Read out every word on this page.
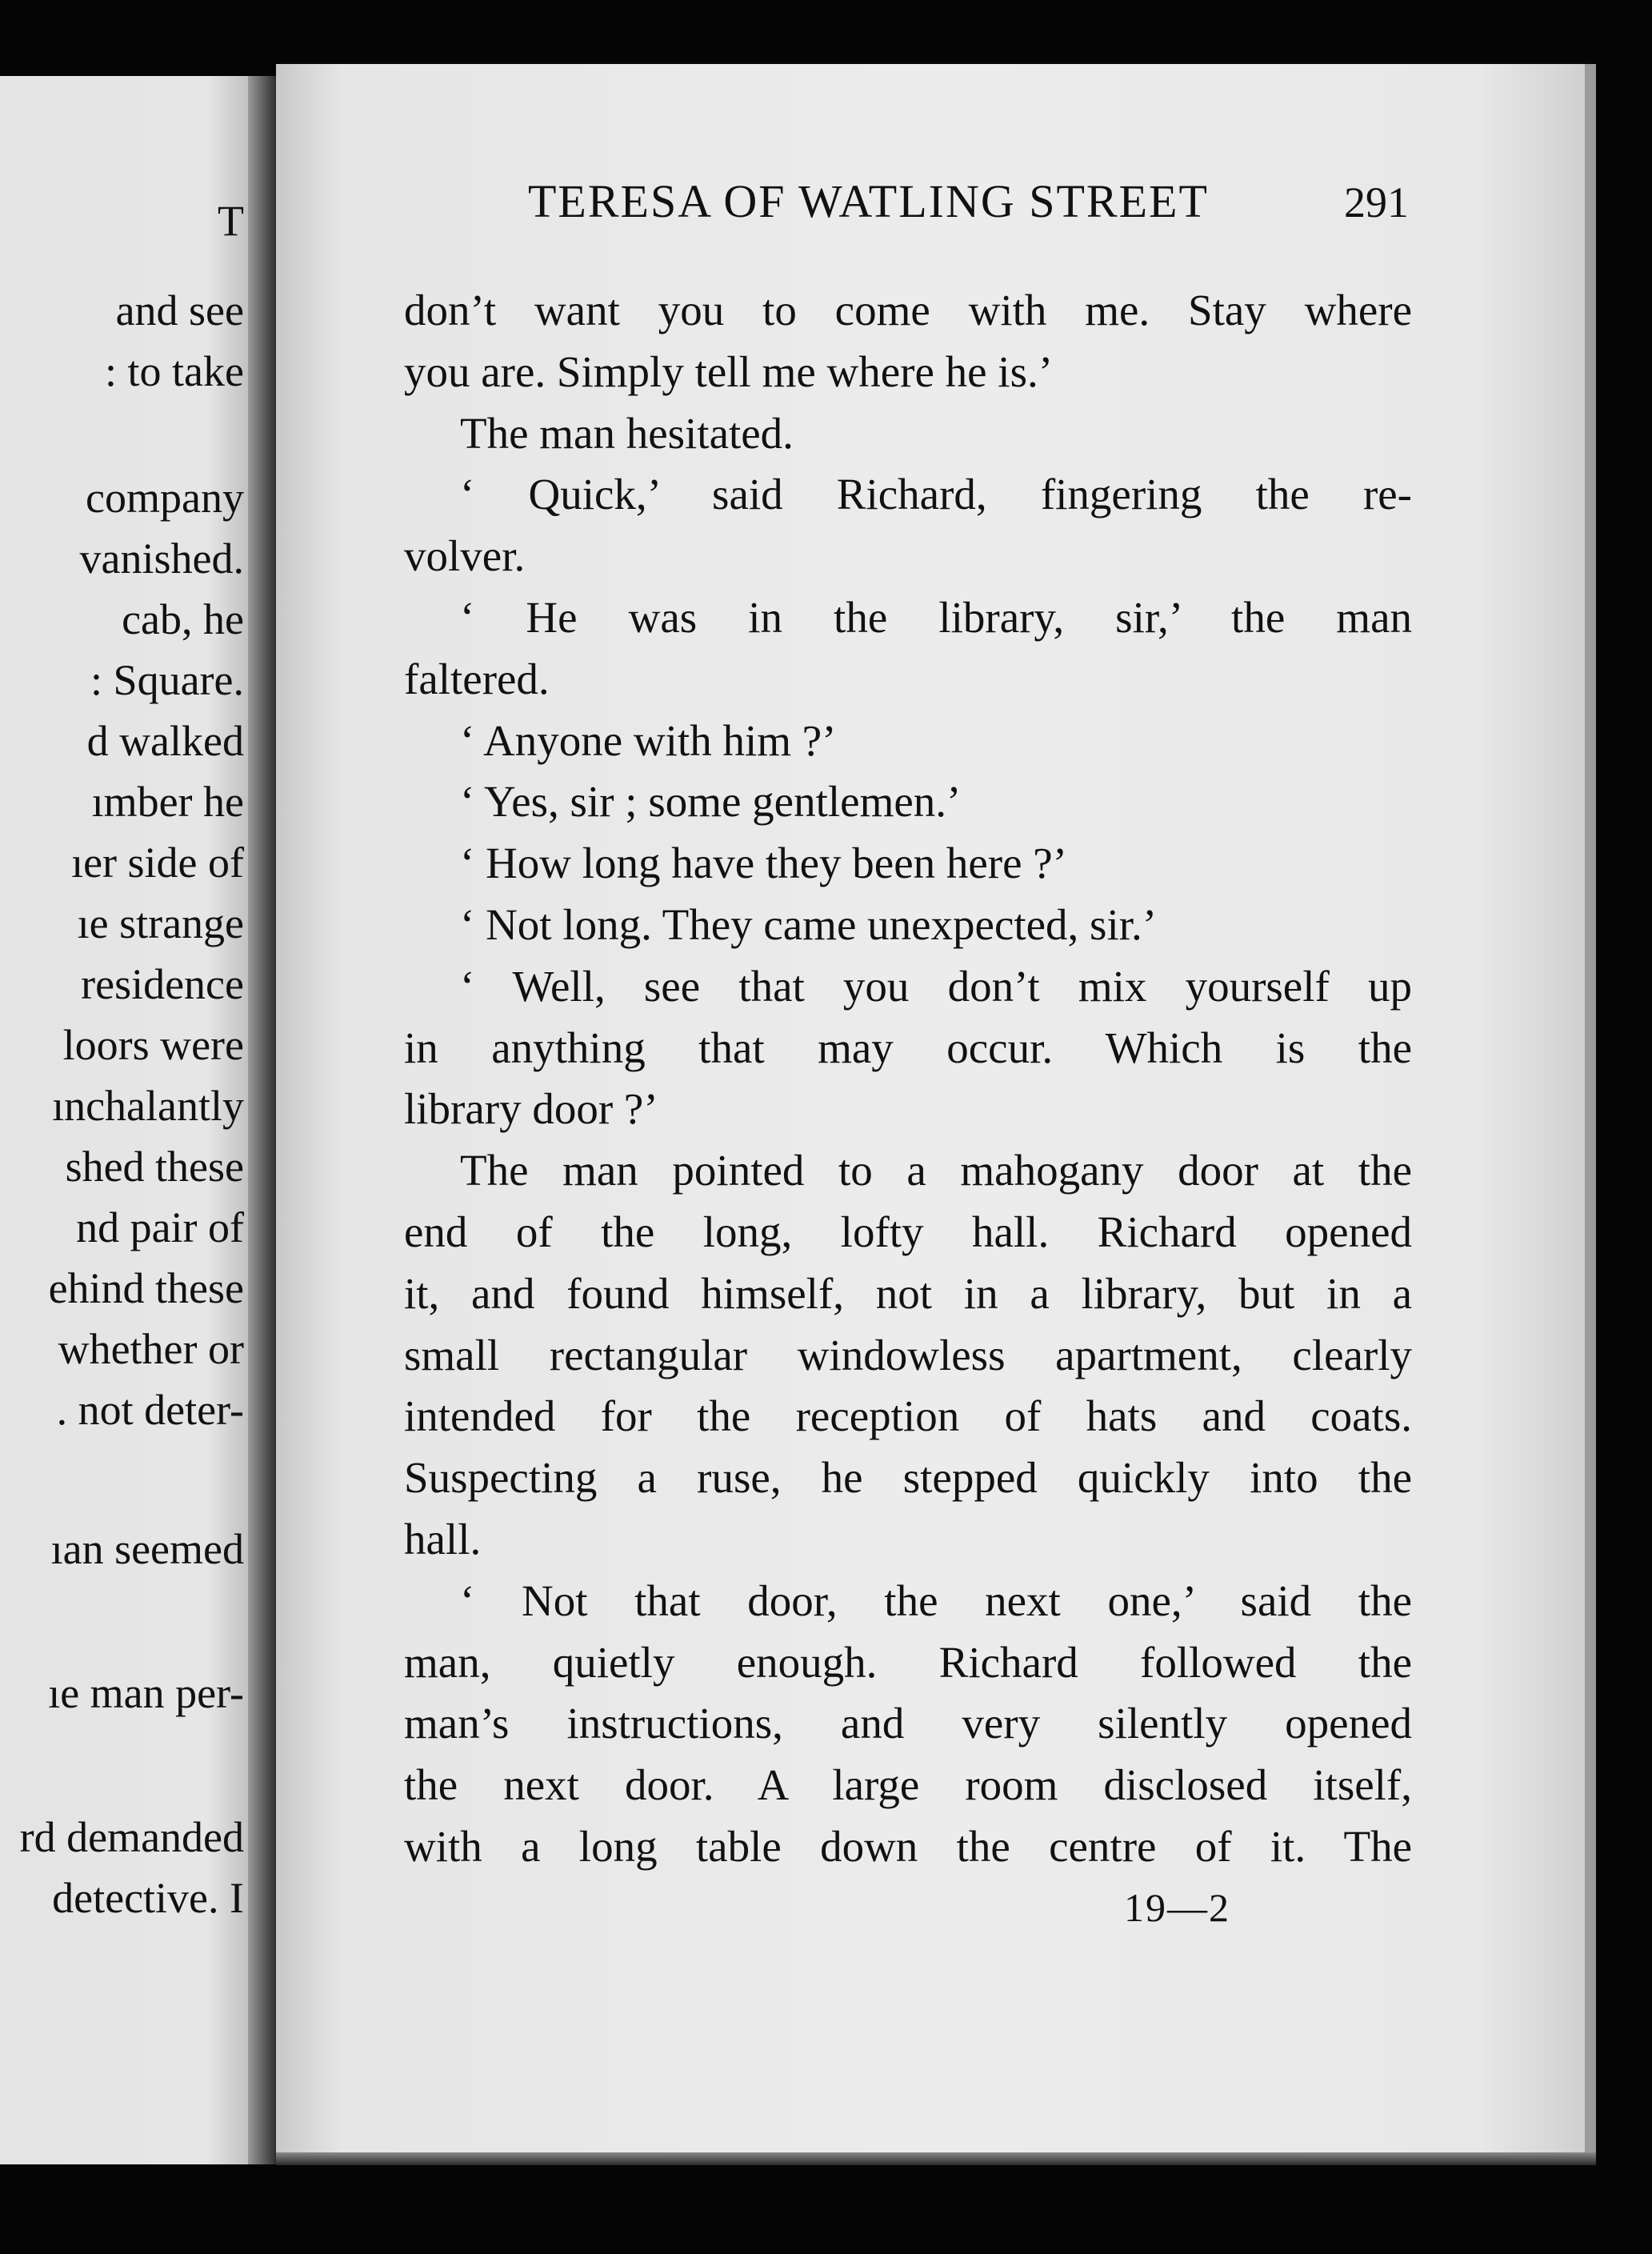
T
and see
: to take
company
vanished.
cab, he
: Square.
d walked
ımber he
ıer side of
ıe strange
residence
loors were
ınchalantly
shed these
nd pair of
ehind these
whether or
. not deter-
ıan seemed
ıe man per-
rd demanded
detective. I
TERESA OF WATLING STREET	291
don’t want you to come with me. Stay where
you are. Simply tell me where he is.’
The man hesitated.
‘ Quick,’ said Richard, fingering the re-
volver.
‘ He was in the library, sir,’ the man
faltered.
‘ Anyone with him ?’
‘ Yes, sir ; some gentlemen.’
‘ How long have they been here ?’
‘ Not long. They came unexpected, sir.’
‘ Well, see that you don’t mix yourself up
in anything that may occur. Which is the
library door ?’
The man pointed to a mahogany door at the
end of the long, lofty hall. Richard opened
it, and found himself, not in a library, but in a
small rectangular windowless apartment, clearly
intended for the reception of hats and coats.
Suspecting a ruse, he stepped quickly into the
hall.
‘ Not that door, the next one,’ said the
man, quietly enough. Richard followed the
man’s instructions, and very silently opened
the next door. A large room disclosed itself,
with a long table down the centre of it. The
19—2
